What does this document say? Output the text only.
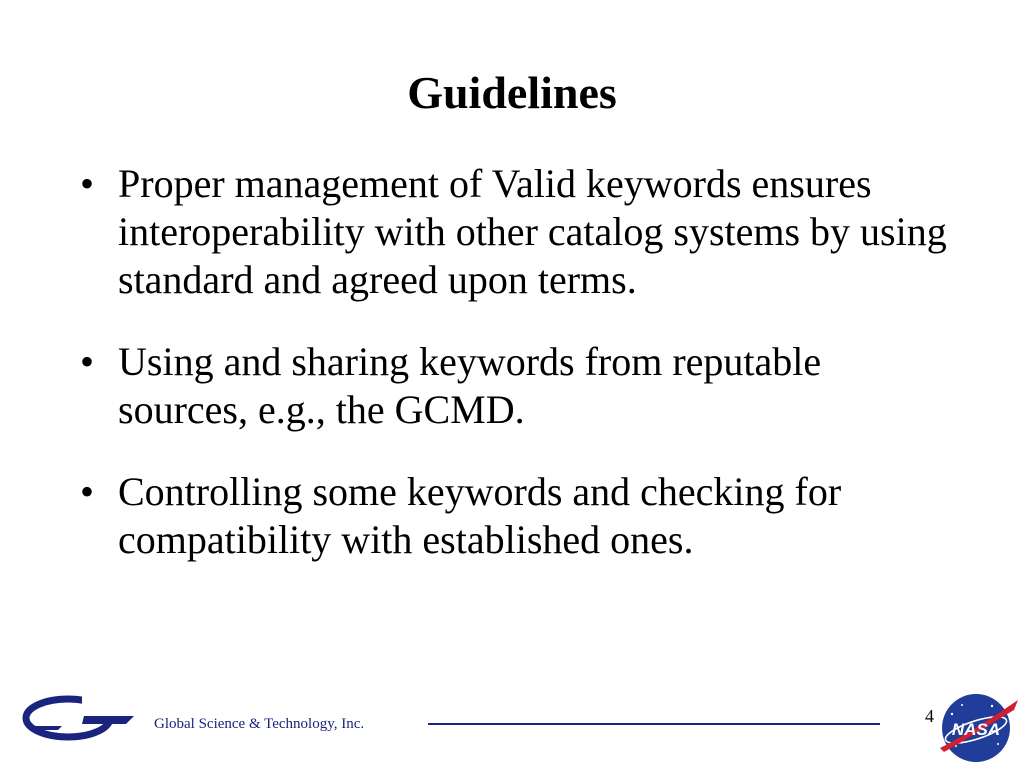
Guidelines
• Proper management of Valid keywords ensures interoperability with other catalog systems by using standard and agreed upon terms.
• Using and sharing keywords from reputable sources, e.g., the GCMD.
• Controlling some keywords and checking for compatibility with established ones.
Global Science & Technology, Inc.	4
NASA
